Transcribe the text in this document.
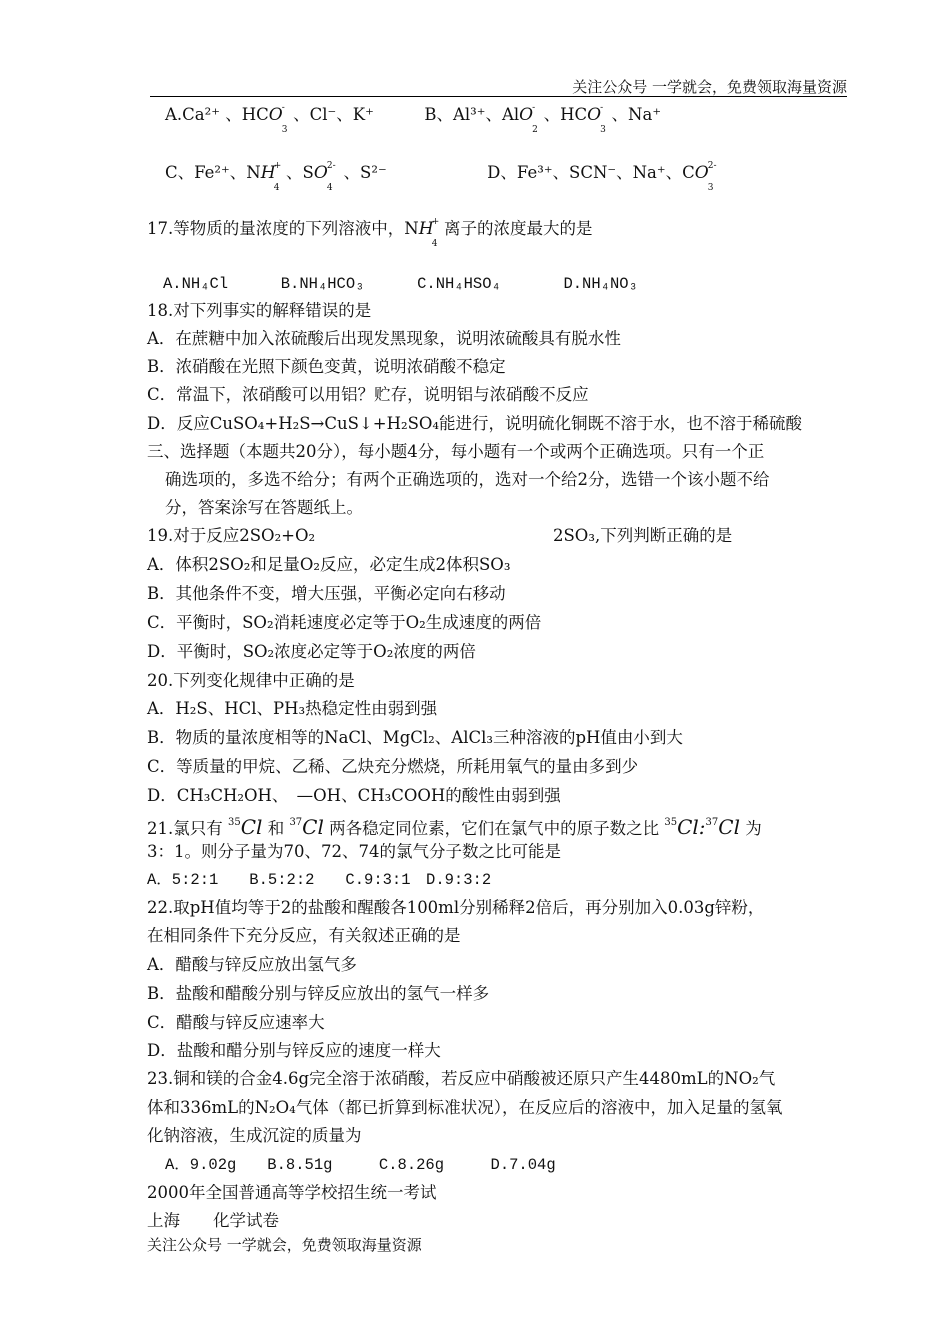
关注公众号 一学就会，免费领取海量资源
A.Ca²⁺ 、HCO
3
- 、Cl⁻、K⁺	B、Al³⁺、AlO
2
- 、HCO
3
- 、Na⁺
C、Fe²⁺、NH
4
+ 、SO
4
2- 、S²⁻	D、Fe³⁺、SCN⁻、Na⁺、CO
3
2-
17.等物质的量浓度的下列溶液中，NH
4
+ 离子的浓度最大的是
A.NH₄Cl	B.NH₄HCO₃	C.NH₄HSO₄	D.NH₄NO₃
18.对下列事实的解释错误的是
A．在蔗糖中加入浓硫酸后出现发黑现象，说明浓硫酸具有脱水性
B．浓硝酸在光照下颜色变黄，说明浓硝酸不稳定
C．常温下，浓硝酸可以用铝？贮存，说明铝与浓硝酸不反应
D．反应CuSO₄+H₂S→CuS↓+H₂SO₄能进行，说明硫化铜既不溶于水，也不溶于稀硫酸
三、选择题（本题共20分），每小题4分，每小题有一个或两个正确选项。只有一个正
确选项的，多选不给分；有两个正确选项的，选对一个给2分，选错一个该小题不给
分，答案涂写在答题纸上。
19.对于反应2SO₂+O₂	2SO₃,下列判断正确的是
A．体积2SO₂和足量O₂反应，必定生成2体积SO₃
B．其他条件不变，增大压强，平衡必定向右移动
C．平衡时，SO₂消耗速度必定等于O₂生成速度的两倍
D．平衡时，SO₂浓度必定等于O₂浓度的两倍
20.下列变化规律中正确的是
A．H₂S、HCl、PH₃热稳定性由弱到强
B．物质的量浓度相等的NaCl、MgCl₂、AlCl₃三种溶液的pH值由小到大
C．等质量的甲烷、乙稀、乙炔充分燃烧，所耗用氧气的量由多到少
D．CH₃CH₂OH、　—OH、CH₃COOH的酸性由弱到强
21.氯只有 $^{35}$Cl 和 $^{37}$Cl 两各稳定同位素，它们在氯气中的原子数之比 $^{35}$Cl:$^{37}$Cl 为
3：1。则分子量为70、72、74的氯气分子数之比可能是
A．5:2:1　　B.5:2:2　　C.9:3:1　D.9:3:2
22.取pH值均等于2的盐酸和醒酸各100ml分别稀释2倍后，再分别加入0.03g锌粉，
在相同条件下充分反应，有关叙述正确的是
A．醋酸与锌反应放出氢气多
B．盐酸和醋酸分别与锌反应放出的氢气一样多
C．醋酸与锌反应速率大
D．盐酸和醋分别与锌反应的速度一样大
23.铜和镁的合金4.6g完全溶于浓硝酸，若反应中硝酸被还原只产生4480mL的NO₂气
体和336mL的N₂O₄气体（都已折算到标准状况），在反应后的溶液中，加入足量的氢氧
化钠溶液，生成沉淀的质量为
A．9.02g　　B.8.51g　　　C.8.26g　　　D.7.04g
2000年全国普通高等学校招生统一考试
上海　　化学试卷
关注公众号 一学就会，免费领取海量资源
